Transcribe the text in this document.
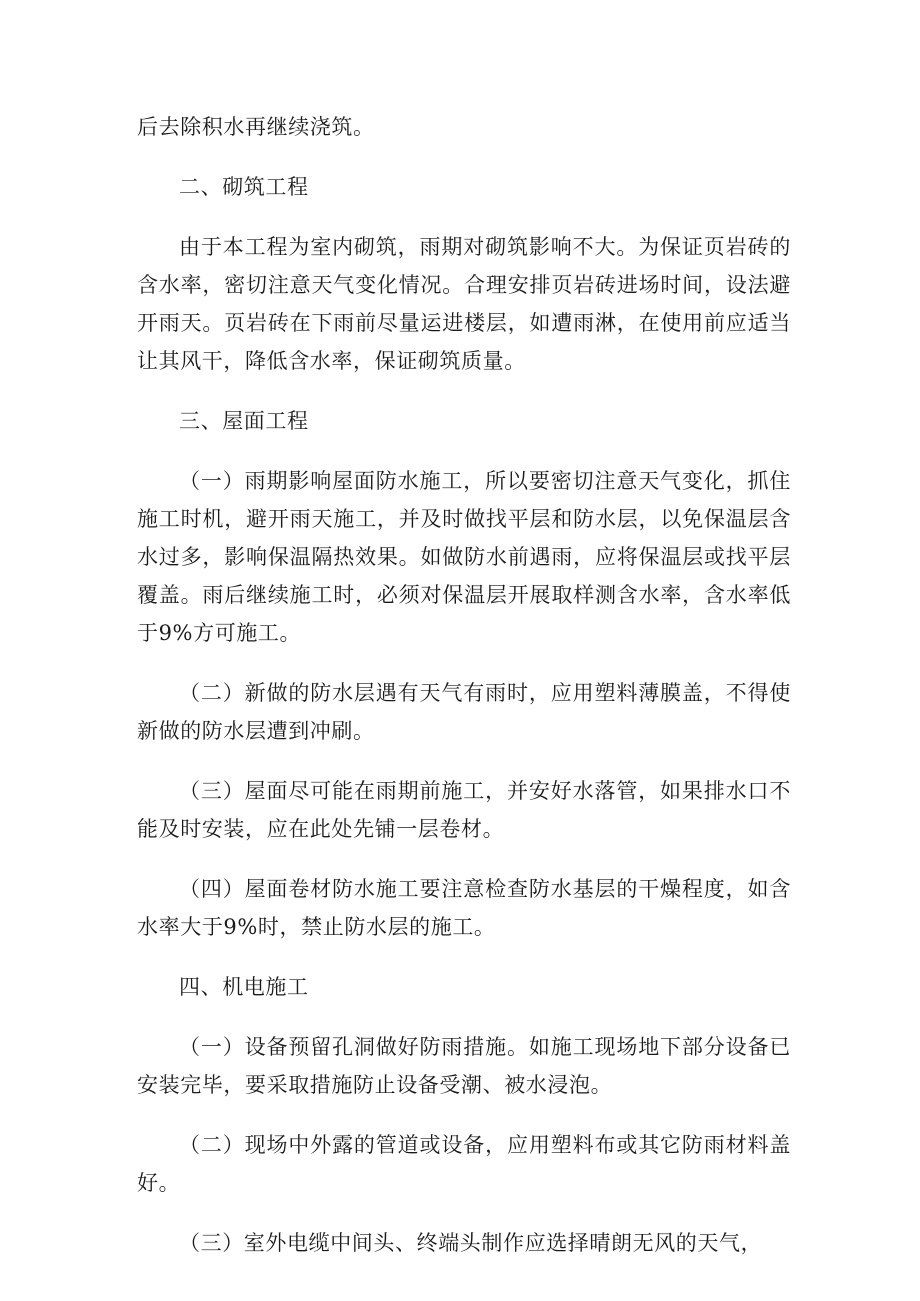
后去除积水再继续浇筑。

二、砌筑工程

由于本工程为室内砌筑，雨期对砌筑影响不大。为保证页岩砖的含水率，密切注意天气变化情况。合理安排页岩砖进场时间，设法避开雨天。页岩砖在下雨前尽量运进楼层，如遭雨淋，在使用前应适当让其风干，降低含水率，保证砌筑质量。

三、屋面工程

（一）雨期影响屋面防水施工，所以要密切注意天气变化，抓住施工时机，避开雨天施工，并及时做找平层和防水层，以免保温层含水过多，影响保温隔热效果。如做防水前遇雨，应将保温层或找平层覆盖。雨后继续施工时，必须对保温层开展取样测含水率，含水率低于9%方可施工。

（二）新做的防水层遇有天气有雨时，应用塑料薄膜盖，不得使新做的防水层遭到冲刷。

（三）屋面尽可能在雨期前施工，并安好水落管，如果排水口不能及时安装，应在此处先铺一层卷材。

（四）屋面卷材防水施工要注意检查防水基层的干燥程度，如含水率大于9%时，禁止防水层的施工。

四、机电施工

（一）设备预留孔洞做好防雨措施。如施工现场地下部分设备已安装完毕，要采取措施防止设备受潮、被水浸泡。

（二）现场中外露的管道或设备，应用塑料布或其它防雨材料盖好。

（三）室外电缆中间头、终端头制作应选择晴朗无风的天气，
